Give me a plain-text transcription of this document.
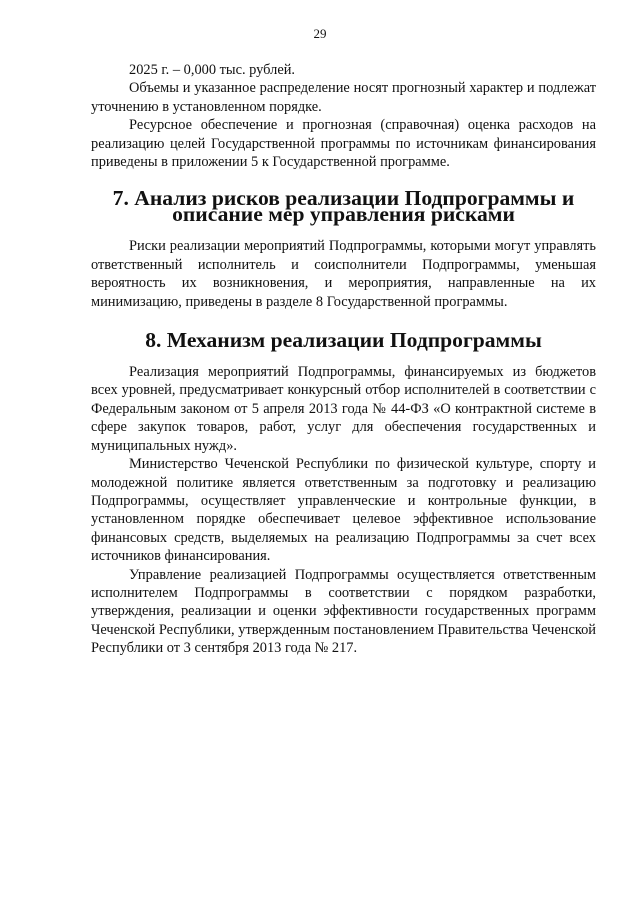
29

2025 г. – 0,000 тыс. рублей.

Объемы и указанное распределение носят прогнозный характер и подлежат уточнению в установленном порядке.

Ресурсное обеспечение и прогнозная (справочная) оценка расходов на реализацию целей Государственной программы по источникам финансирования приведены в приложении 5 к Государственной программе.

7. Анализ рисков реализации Подпрограммы и описание мер управления рисками

Риски реализации мероприятий Подпрограммы, которыми могут управлять ответственный исполнитель и соисполнители Подпрограммы, уменьшая вероятность их возникновения, и мероприятия, направленные на их минимизацию, приведены в разделе 8 Государственной программы.

8. Механизм реализации Подпрограммы

Реализация мероприятий Подпрограммы, финансируемых из бюджетов всех уровней, предусматривает конкурсный отбор исполнителей в соответствии с Федеральным законом от 5 апреля 2013 года № 44-ФЗ «О контрактной системе в сфере закупок товаров, работ, услуг для обеспечения государственных и муниципальных нужд».

Министерство Чеченской Республики по физической культуре, спорту и молодежной политике является ответственным за подготовку и реализацию Подпрограммы, осуществляет управленческие и контрольные функции, в установленном порядке обеспечивает целевое эффективное использование финансовых средств, выделяемых на реализацию Подпрограммы за счет всех источников финансирования.

Управление реализацией Подпрограммы осуществляется ответственным исполнителем Подпрограммы в соответствии с порядком разработки, утверждения, реализации и оценки эффективности государственных программ Чеченской Республики, утвержденным постановлением Правительства Чеченской Республики от 3 сентября 2013 года № 217.
